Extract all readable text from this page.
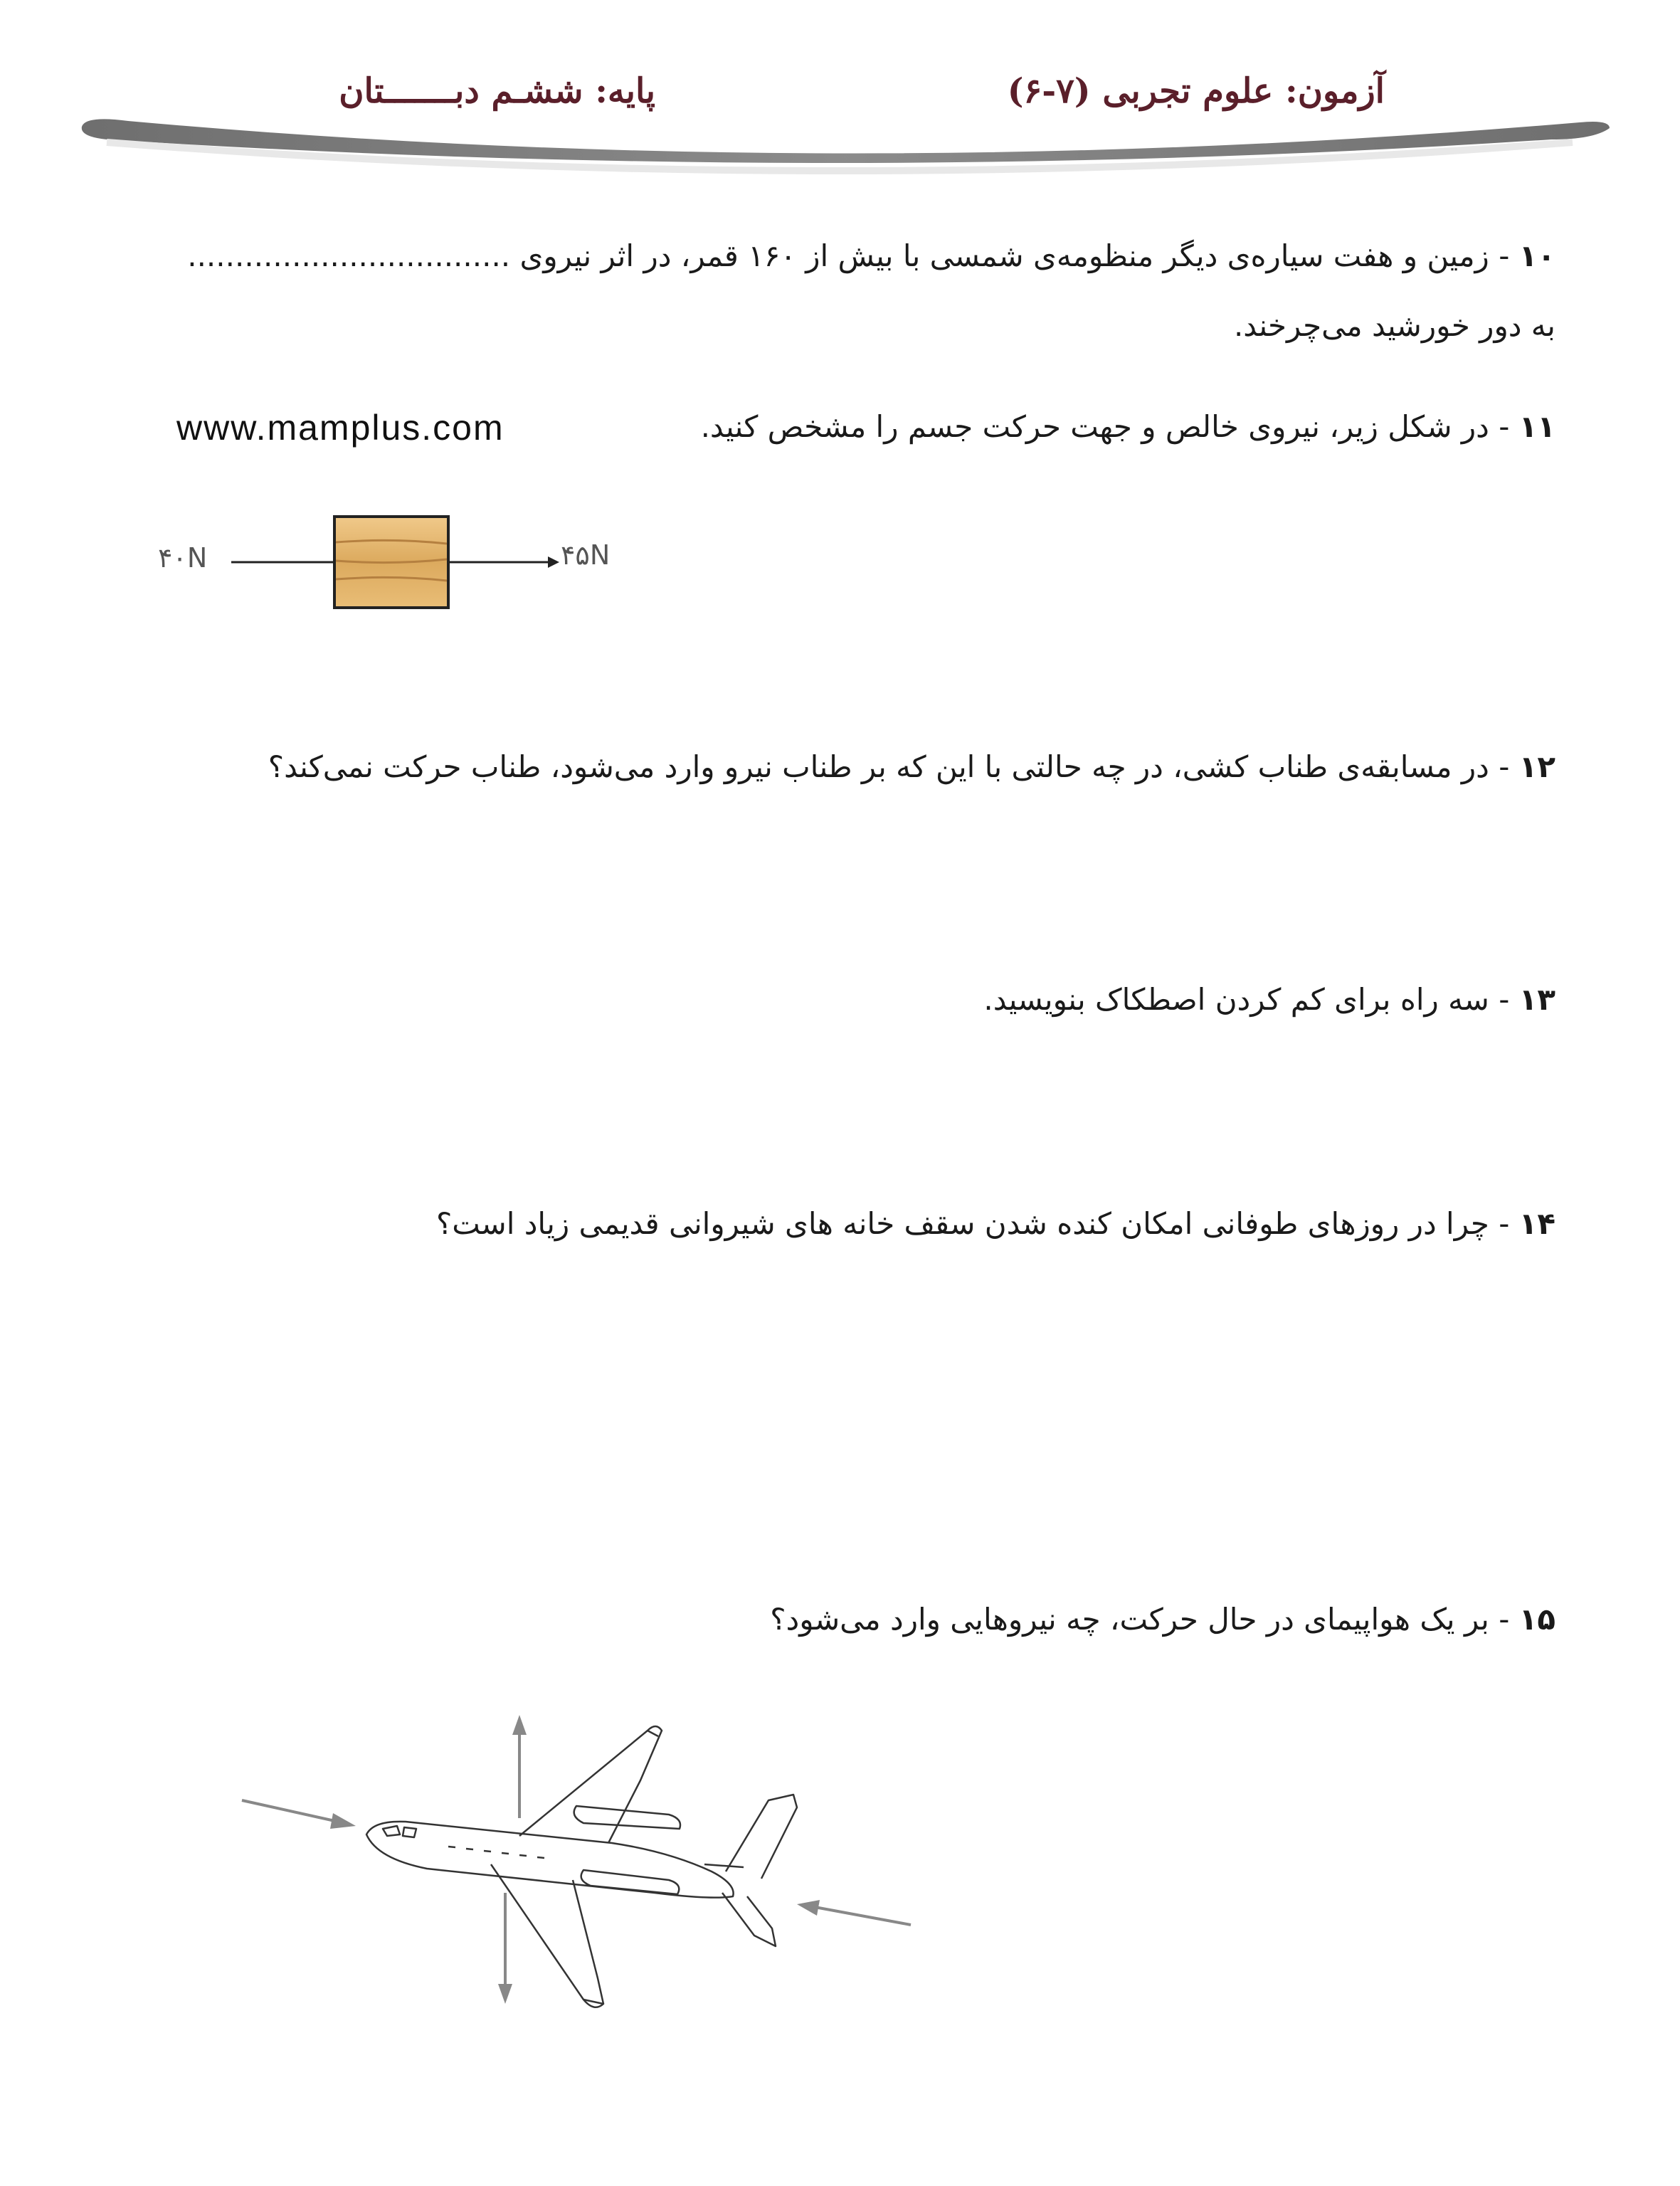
آزمون: علوم تجربی (۷-۶)
پایه: ششـم دبـــــــتان
۱۰ - زمین و هفت سیاره‌ی دیگر منظومه‌ی شمسی با بیش از ۱۶۰ قمر، در اثر نیروی ..................................
به دور خورشید می‌چرخند.
۱۱ - در شکل زیر، نیروی خالص و جهت حرکت جسم را مشخص کنید.
www.mamplus.com
۴۰N	۴۵N
۱۲ - در مسابقه‌ی طناب کشی، در چه حالتی با این که بر طناب نیرو وارد می‌شود، طناب حرکت نمی‌کند؟
۱۳ - سه راه برای کم کردن اصطکاک بنویسید.
۱۴ - چرا در روزهای طوفانی امکان کنده شدن سقف خانه های شیروانی قدیمی زیاد است؟
۱۵ - بر یک هواپیمای در حال حرکت، چه نیروهایی وارد می‌شود؟
